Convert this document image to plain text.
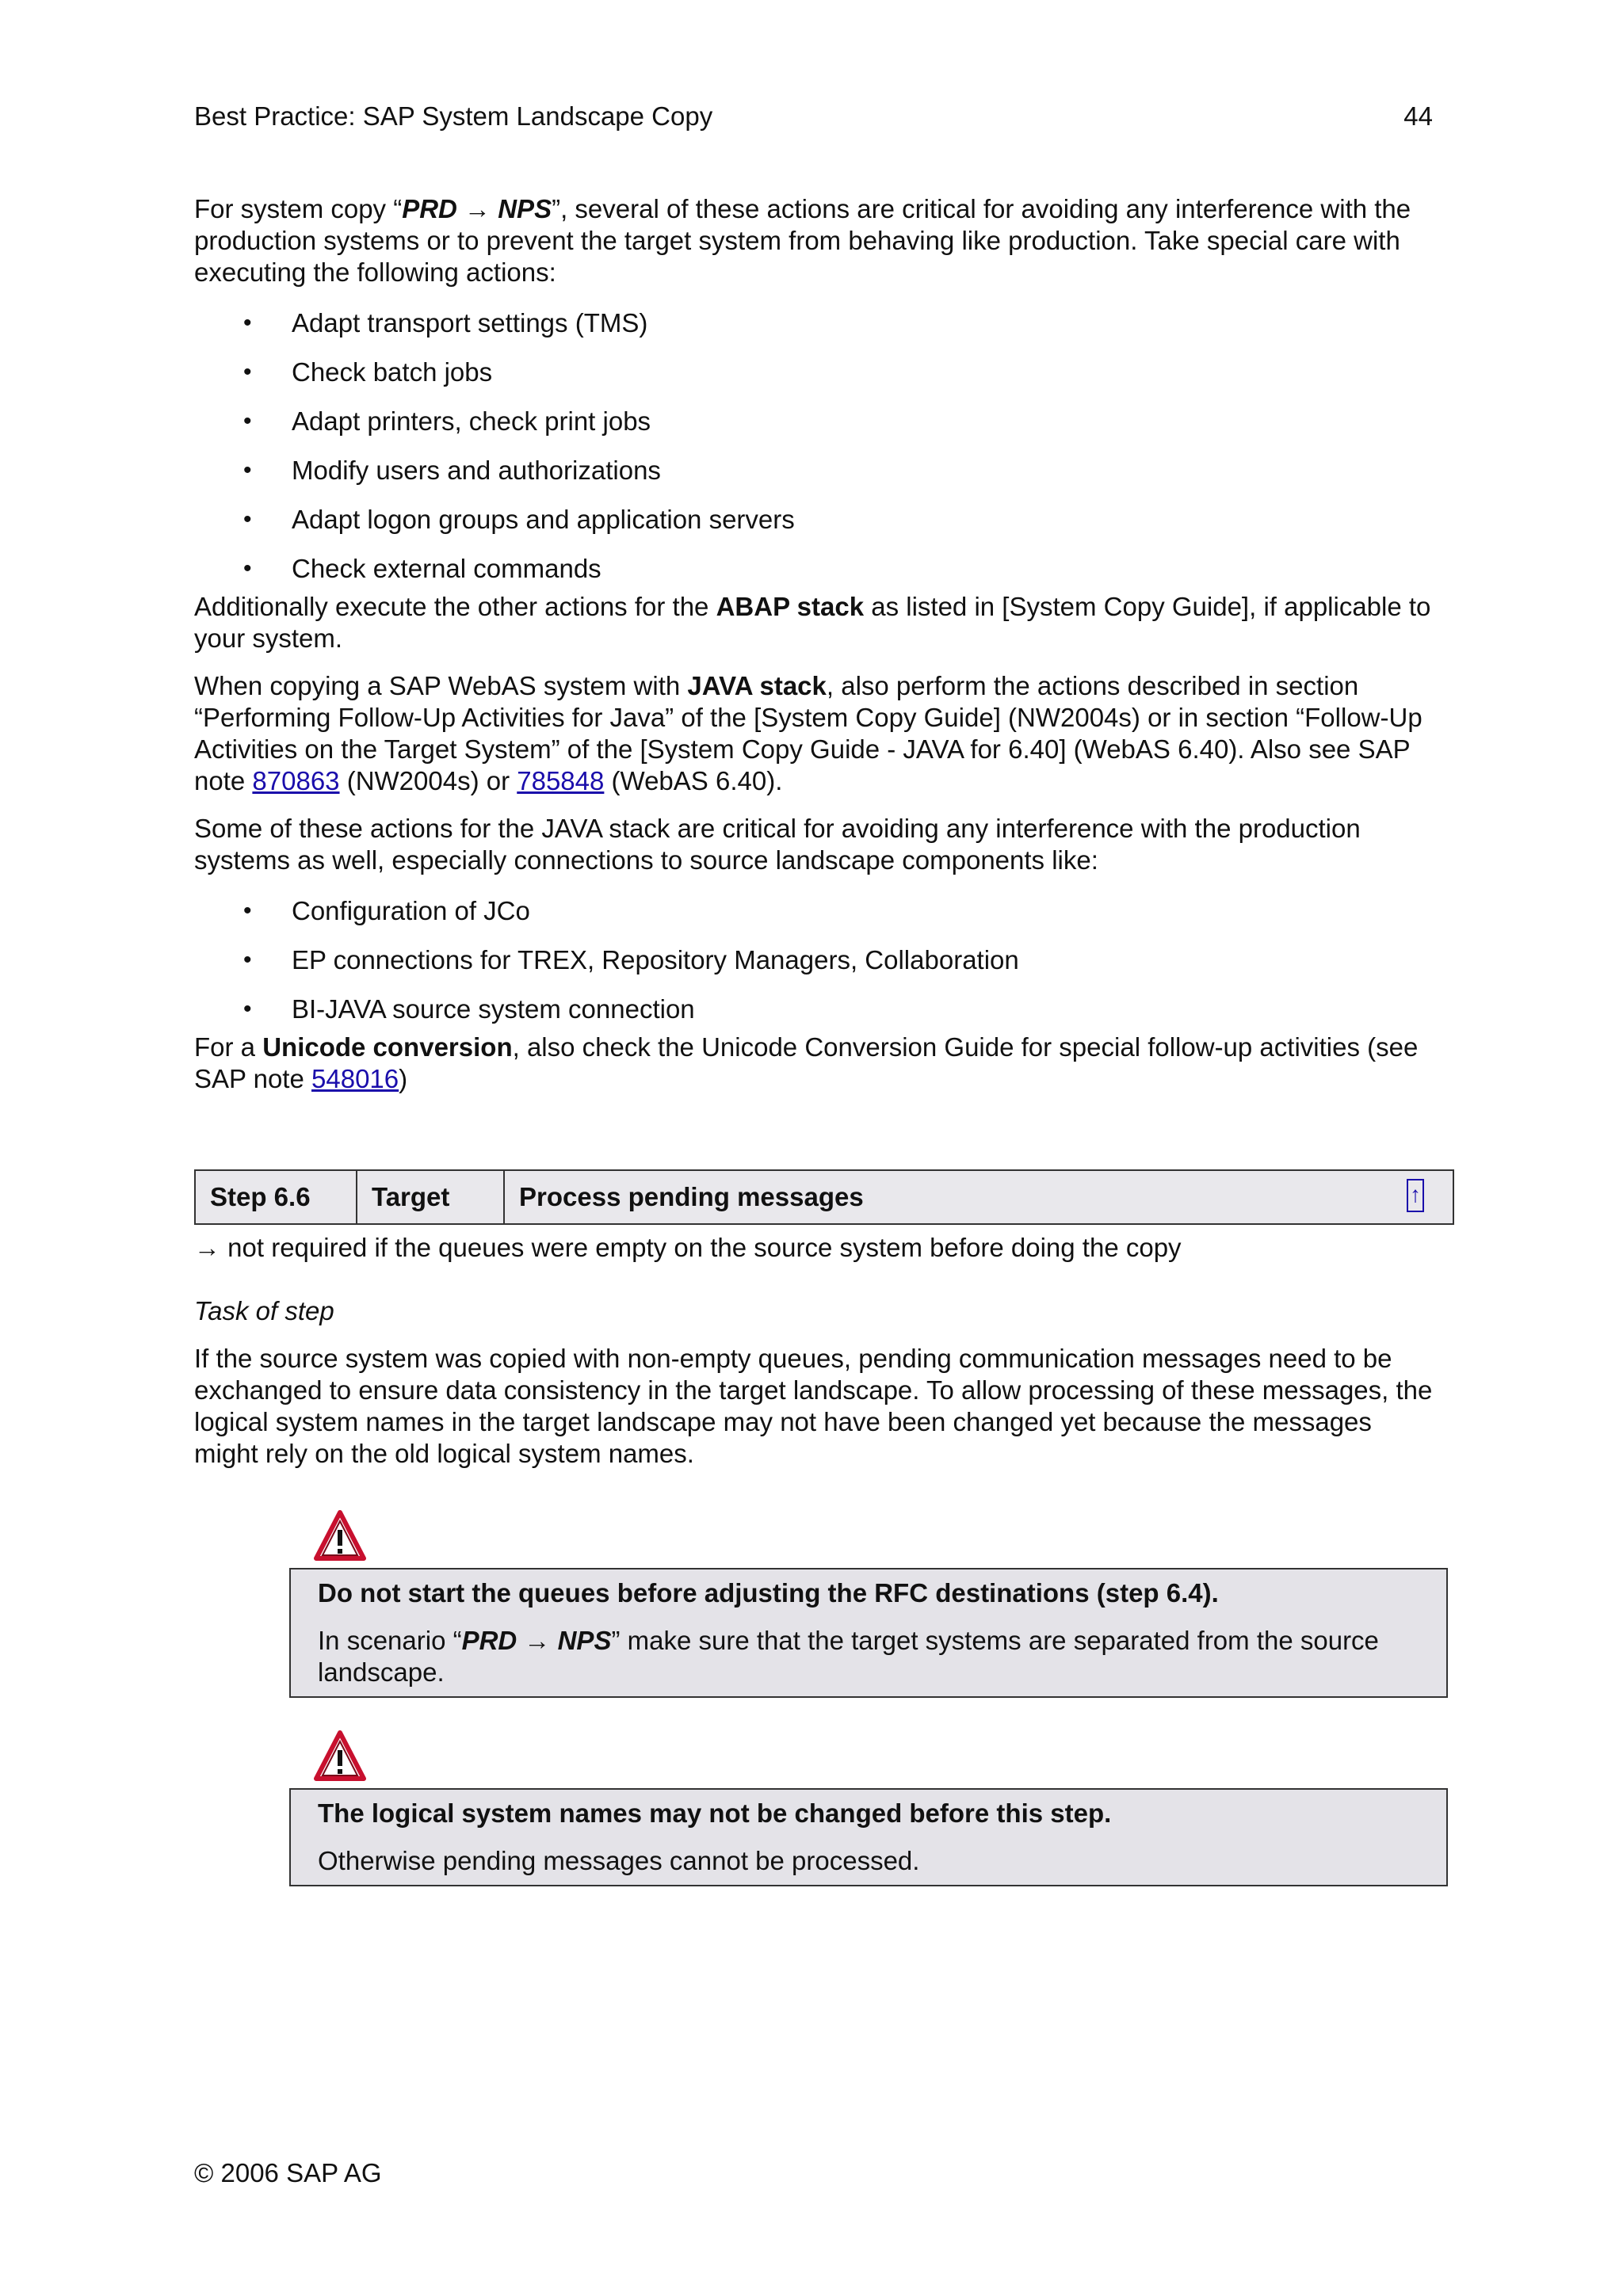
Best Practice: SAP System Landscape Copy	44

For system copy “PRD → NPS”, several of these actions are critical for avoiding any interference with the production systems or to prevent the target system from behaving like production. Take special care with executing the following actions:

• Adapt transport settings (TMS)
• Check batch jobs
• Adapt printers, check print jobs
• Modify users and authorizations
• Adapt logon groups and application servers
• Check external commands

Additionally execute the other actions for the ABAP stack as listed in [System Copy Guide], if applicable to your system.

When copying a SAP WebAS system with JAVA stack, also perform the actions described in section “Performing Follow-Up Activities for Java” of the [System Copy Guide] (NW2004s) or in section “Follow-Up Activities on the Target System” of the [System Copy Guide - JAVA for 6.40] (WebAS 6.40). Also see SAP note 870863 (NW2004s) or 785848 (WebAS 6.40).

Some of these actions for the JAVA stack are critical for avoiding any interference with the production systems as well, especially connections to source landscape components like:

• Configuration of JCo
• EP connections for TREX, Repository Managers, Collaboration
• BI-JAVA source system connection

For a Unicode conversion, also check the Unicode Conversion Guide for special follow-up activities (see SAP note 548016)

Step 6.6	Target	Process pending messages	↑

→ not required if the queues were empty on the source system before doing the copy

Task of step

If the source system was copied with non-empty queues, pending communication messages need to be exchanged to ensure data consistency in the target landscape. To allow processing of these messages, the logical system names in the target landscape may not have been changed yet because the messages might rely on the old logical system names.

Do not start the queues before adjusting the RFC destinations (step 6.4).

In scenario “PRD → NPS” make sure that the target systems are separated from the source landscape.

The logical system names may not be changed before this step.

Otherwise pending messages cannot be processed.

© 2006 SAP AG
